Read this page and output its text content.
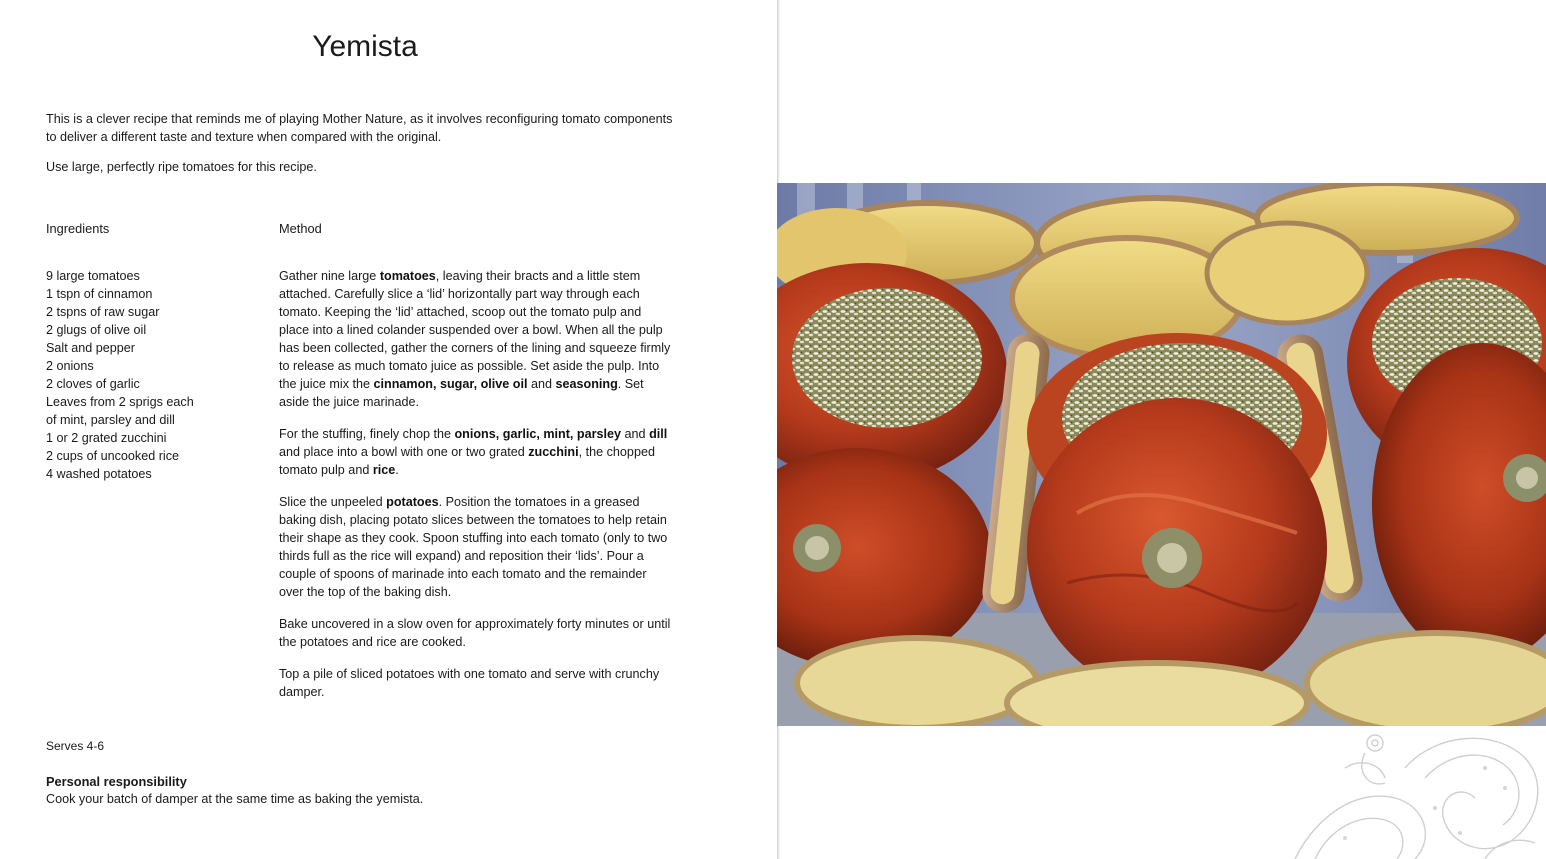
Yemista

This is a clever recipe that reminds me of playing Mother Nature, as it involves reconfiguring tomato components to deliver a different taste and texture when compared with the original.

Use large, perfectly ripe tomatoes for this recipe.

Ingredients	Method
9 large tomatoes
1 tspn of cinnamon
2 tspns of raw sugar
2 glugs of olive oil
Salt and pepper
2 onions
2 cloves of garlic
Leaves from 2 sprigs each
of mint, parsley and dill
1 or 2 grated zucchini
2 cups of uncooked rice
4 washed potatoes

Gather nine large tomatoes, leaving their bracts and a little stem attached. Carefully slice a ‘lid’ horizontally part way through each tomato. Keeping the ‘lid’ attached, scoop out the tomato pulp and place into a lined colander suspended over a bowl. When all the pulp has been collected, gather the corners of the lining and squeeze firmly to release as much tomato juice as possible. Set aside the pulp. Into the juice mix the cinnamon, sugar, olive oil and seasoning. Set aside the juice marinade.

For the stuffing, finely chop the onions, garlic, mint, parsley and dill and place into a bowl with one or two grated zucchini, the chopped tomato pulp and rice.

Slice the unpeeled potatoes. Position the tomatoes in a greased baking dish, placing potato slices between the tomatoes to help retain their shape as they cook. Spoon stuffing into each tomato (only to two thirds full as the rice will expand) and reposition their ‘lids’. Pour a couple of spoons of marinade into each tomato and the remainder over the top of the baking dish.

Bake uncovered in a slow oven for approximately forty minutes or until the potatoes and rice are cooked.

Top a pile of sliced potatoes with one tomato and serve with crunchy damper.

Serves 4-6
Personal responsibility
Cook your batch of damper at the same time as baking the yemista.
